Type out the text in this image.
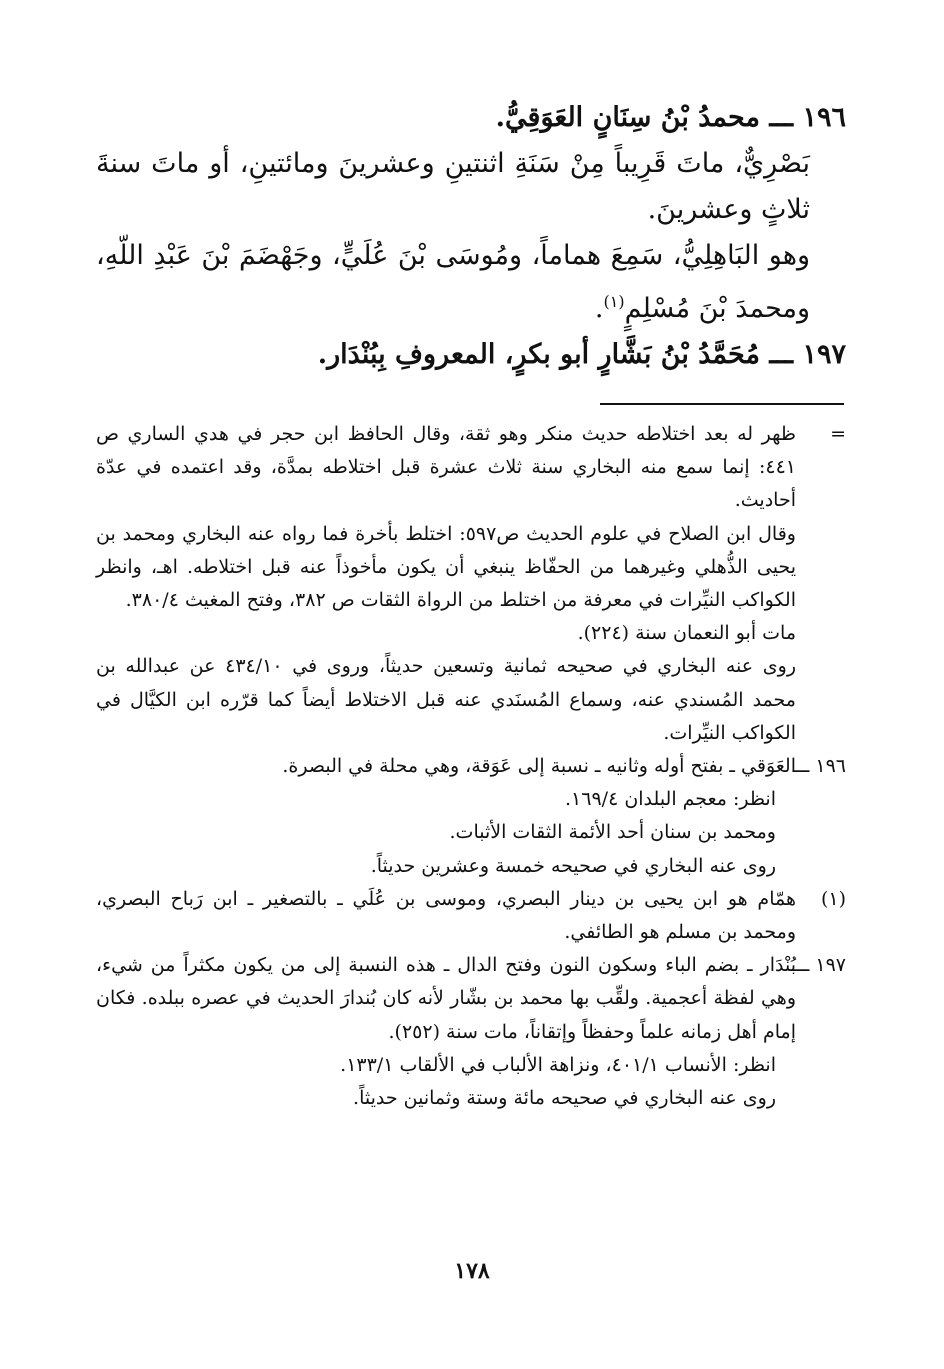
١٩٦ ـــ محمدُ بْنُ سِنَانٍ العَوَقِيُّ.

بَصْرِيٌّ، ماتَ قَرِيباً مِنْ سَنَةِ اثنتينِ وعشرينَ ومائتينِ، أو ماتَ سنةَ ثلاثٍ وعشرينَ.

وهو البَاهِلِيُّ، سَمِعَ هماماً، ومُوسَى بْنَ عُلَيٍّ، وجَهْضَمَ بْنَ عَبْدِ اللّهِ، ومحمدَ بْنَ مُسْلِمٍ$^{(١)}$.

١٩٧ ـــ مُحَمَّدُ بْنُ بَشَّارٍ أبو بكرٍ، المعروفِ بِبُنْدَار.

=

ظهر له بعد اختلاطه حديث منكر وهو ثقة، وقال الحافظ ابن حجر في هدي الساري ص ٤٤١: إنما سمع منه البخاري سنة ثلاث عشرة قبل اختلاطه بمدَّة، وقد اعتمده في عدّة أحاديث.

وقال ابن الصلاح في علوم الحديث ص٥٩٧: اختلط بأخرة فما رواه عنه البخاري ومحمد بن يحيى الذُّهلي وغيرهما من الحفّاظ ينبغي أن يكون مأخوذاً عنه قبل اختلاطه. اهـ، وانظر الكواكب النيِّرات في معرفة من اختلط من الرواة الثقات ص ٣٨٢، وفتح المغيث ٣٨٠/٤.

مات أبو النعمان سنة (٢٢٤).

روى عنه البخاري في صحيحه ثمانية وتسعين حديثاً، وروى في ٤٣٤/١٠ عن عبدالله بن محمد المُسندي عنه، وسماع المُسنَدي عنه قبل الاختلاط أيضاً كما قرّره ابن الكيَّال في الكواكب النيِّرات.

١٩٦ ـــ

العَوَقي ـ بفتح أوله وثانيه ـ نسبة إلى عَوَقة، وهي محلة في البصرة.

انظر: معجم البلدان ١٦٩/٤.

ومحمد بن سنان أحد الأئمة الثقات الأثبات.

روى عنه البخاري في صحيحه خمسة وعشرين حديثاً.

(١)

همّام هو ابن يحيى بن دينار البصري، وموسى بن عُلَي ـ بالتصغير ـ ابن رَباح البصري، ومحمد بن مسلم هو الطائفي.

١٩٧ ـــ

بُنْدَار ـ بضم الباء وسكون النون وفتح الدال ـ هذه النسبة إلى من يكون مكثراً من شيء، وهي لفظة أعجمية. ولقِّب بها محمد بن بشّار لأنه كان بُندارَ الحديث في عصره ببلده. فكان إمام أهل زمانه علماً وحفظاً وإتقاناً، مات سنة (٢٥٢).

انظر: الأنساب ٤٠١/١، ونزاهة الألباب في الألقاب ١٣٣/١.

روى عنه البخاري في صحيحه مائة وستة وثمانين حديثاً.

١٧٨
